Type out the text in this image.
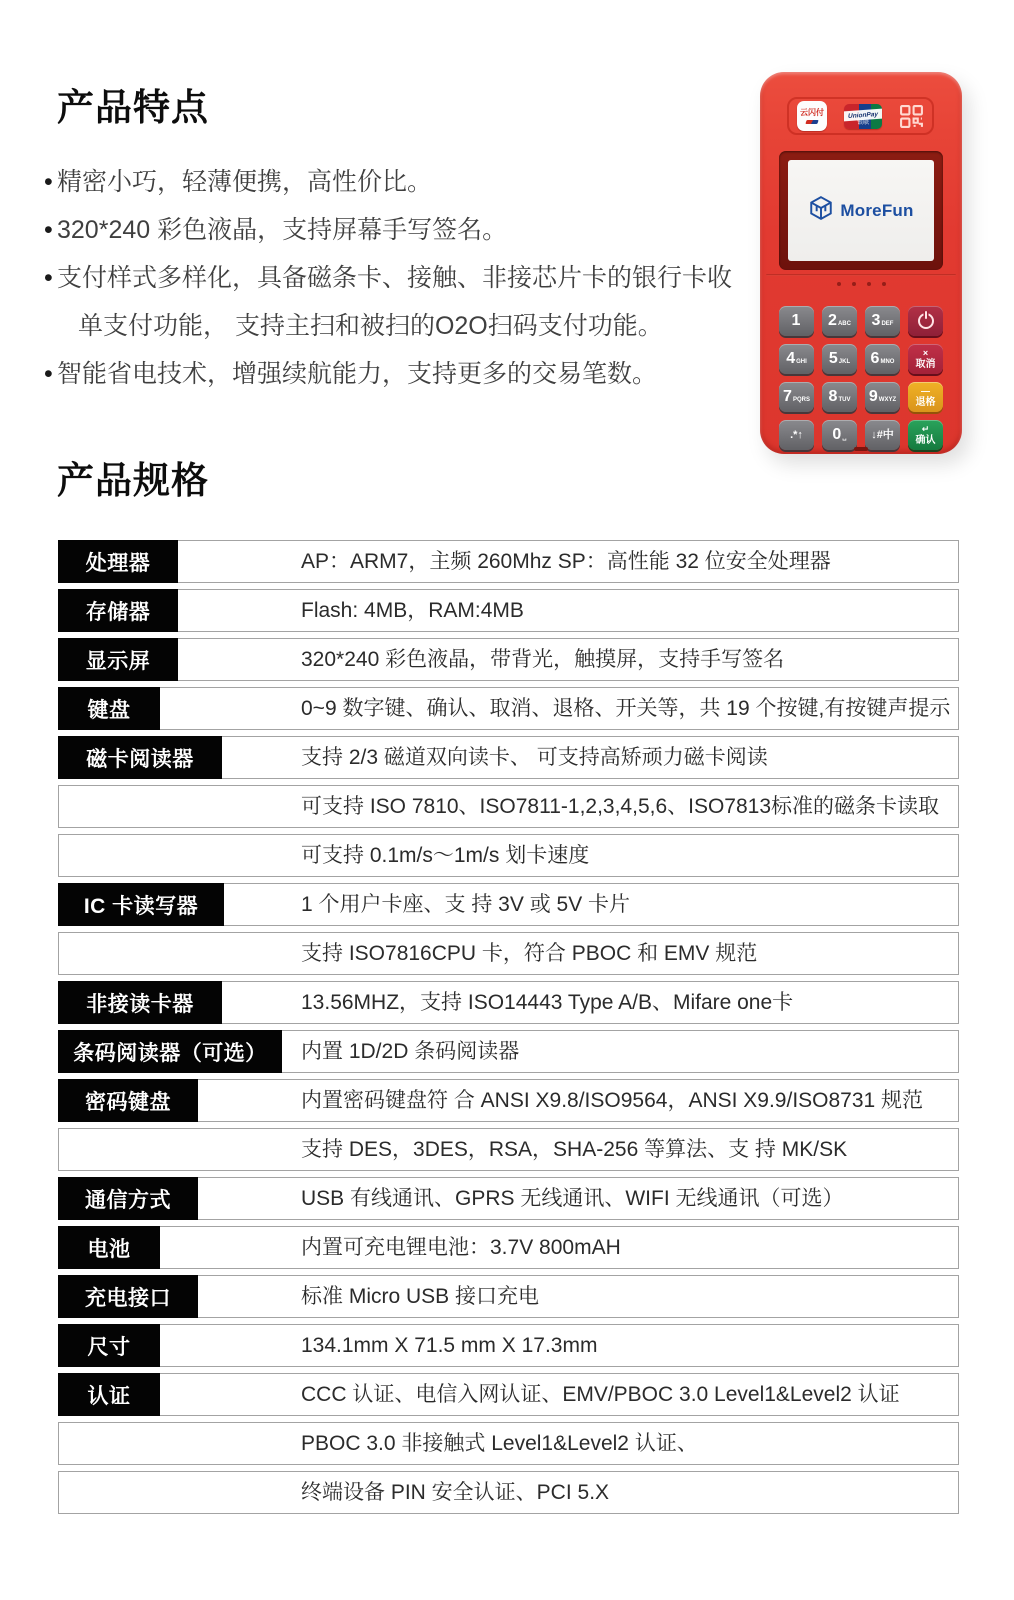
产品特点
• 精密小巧，轻薄便携，高性价比。
• 320*240 彩色液晶，支持屏幕手写签名。
• 支付样式多样化，具备磁条卡、接触、非接芯片卡的银行卡收
单支付功能， 支持主扫和被扫的O2O扫码支付功能。
• 智能省电技术，增强续航能力，支持更多的交易笔数。
云闪付	UnionPay
银联
MoreFun
1 2 ABC 3 DEF
4 GHI 5 JKL 6 MNO
×
取消
7 PQRS 8 TUV 9 WXYZ
—
退格
.*↑ 0 ␣ ↓#中
↵
确认
产品规格
处理器	AP：ARM7，主频 260Mhz SP：高性能 32 位安全处理器
存储器	Flash: 4MB，RAM:4MB
显示屏	320*240 彩色液晶，带背光，触摸屏，支持手写签名
键盘	0~9 数字键、确认、取消、退格、开关等，共 19 个按键,有按键声提示
磁卡阅读器	支持 2/3 磁道双向读卡、 可支持高矫顽力磁卡阅读
可支持 ISO 7810、ISO7811-1,2,3,4,5,6、ISO7813标准的磁条卡读取
可支持 0.1m/s～1m/s 划卡速度
IC 卡读写器	1 个用户卡座、支 持 3V 或 5V 卡片
支持 ISO7816CPU 卡，符合 PBOC 和 EMV 规范
非接读卡器	13.56MHZ，支持 ISO14443 Type A/B、Mifare one卡
条码阅读器（可选）	内置 1D/2D 条码阅读器
密码键盘	内置密码键盘符 合 ANSI X9.8/ISO9564，ANSI X9.9/ISO8731 规范
支持 DES，3DES，RSA，SHA-256 等算法、支 持 MK/SK
通信方式	USB 有线通讯、GPRS 无线通讯、WIFI 无线通讯（可选）
电池	内置可充电锂电池：3.7V 800mAH
充电接口	标准 Micro USB 接口充电
尺寸	134.1mm X 71.5 mm X 17.3mm
认证	CCC 认证、电信入网认证、EMV/PBOC 3.0 Level1&Level2 认证
PBOC 3.0 非接触式 Level1&Level2 认证、
终端设备 PIN 安全认证、PCI 5.X
